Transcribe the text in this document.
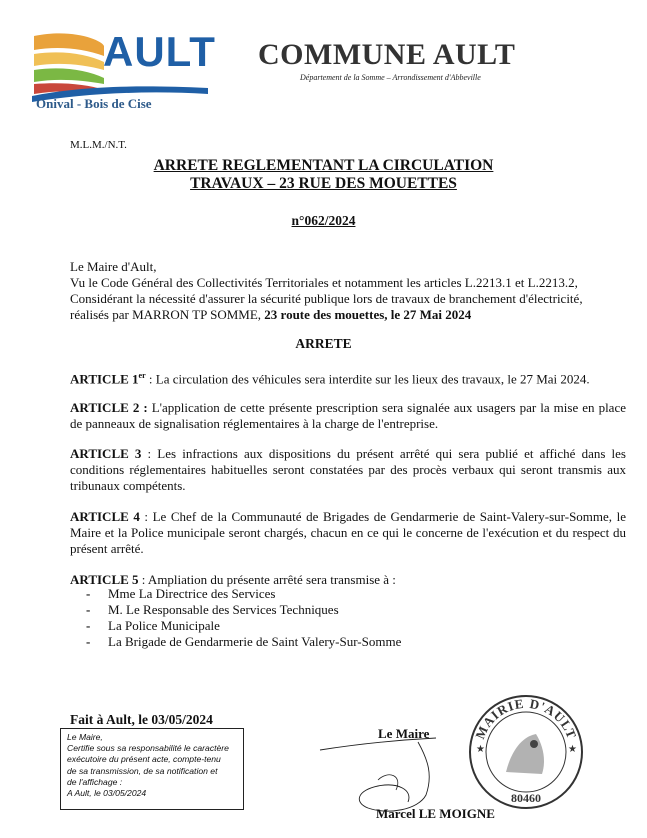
AULT
Onival - Bois de Cise
COMMUNE AULT
Département de la Somme – Arrondissement d'Abbeville
M.L.M./N.T.
ARRETE REGLEMENTANT LA CIRCULATION
TRAVAUX – 23 RUE DES MOUETTES
n°062/2024
Le Maire d'Ault,
Vu le Code Général des Collectivités Territoriales et notamment les articles L.2213.1 et L.2213.2,
Considérant la nécessité d'assurer la sécurité publique lors de travaux de branchement d'électricité,
réalisés par MARRON TP SOMME, 23 route des mouettes, le 27 Mai 2024
ARRETE
ARTICLE 1er : La circulation des véhicules sera interdite sur les lieux des travaux, le 27 Mai 2024.
ARTICLE 2 : L'application de cette présente prescription sera signalée aux usagers par la mise en place de panneaux de signalisation réglementaires à la charge de l'entreprise.
ARTICLE 3 : Les infractions aux dispositions du présent arrêté qui sera publié et affiché dans les conditions réglementaires habituelles seront constatées par des procès verbaux qui seront transmis aux tribunaux compétents.
ARTICLE 4 : Le Chef de la Communauté de Brigades de Gendarmerie de Saint-Valery-sur-Somme, le Maire et la Police municipale seront chargés, chacun en ce qui le concerne de l'exécution et du respect du présent arrêté.
ARTICLE 5 : Ampliation du présente arrêté sera transmise à :
- Mme La Directrice des Services
- M. Le Responsable des Services Techniques
- La Police Municipale
- La Brigade de Gendarmerie de Saint Valery-Sur-Somme
Fait à Ault, le 03/05/2024
Le Maire,
Certifie sous sa responsabilité le caractère
exécutoire du présent acte, compte-tenu
de sa transmission, de sa notification et
de l'affichage :
A Ault, le 03/05/2024
Le Maire
Marcel LE MOIGNE
MAIRIE D'AULT
80460
★
★
